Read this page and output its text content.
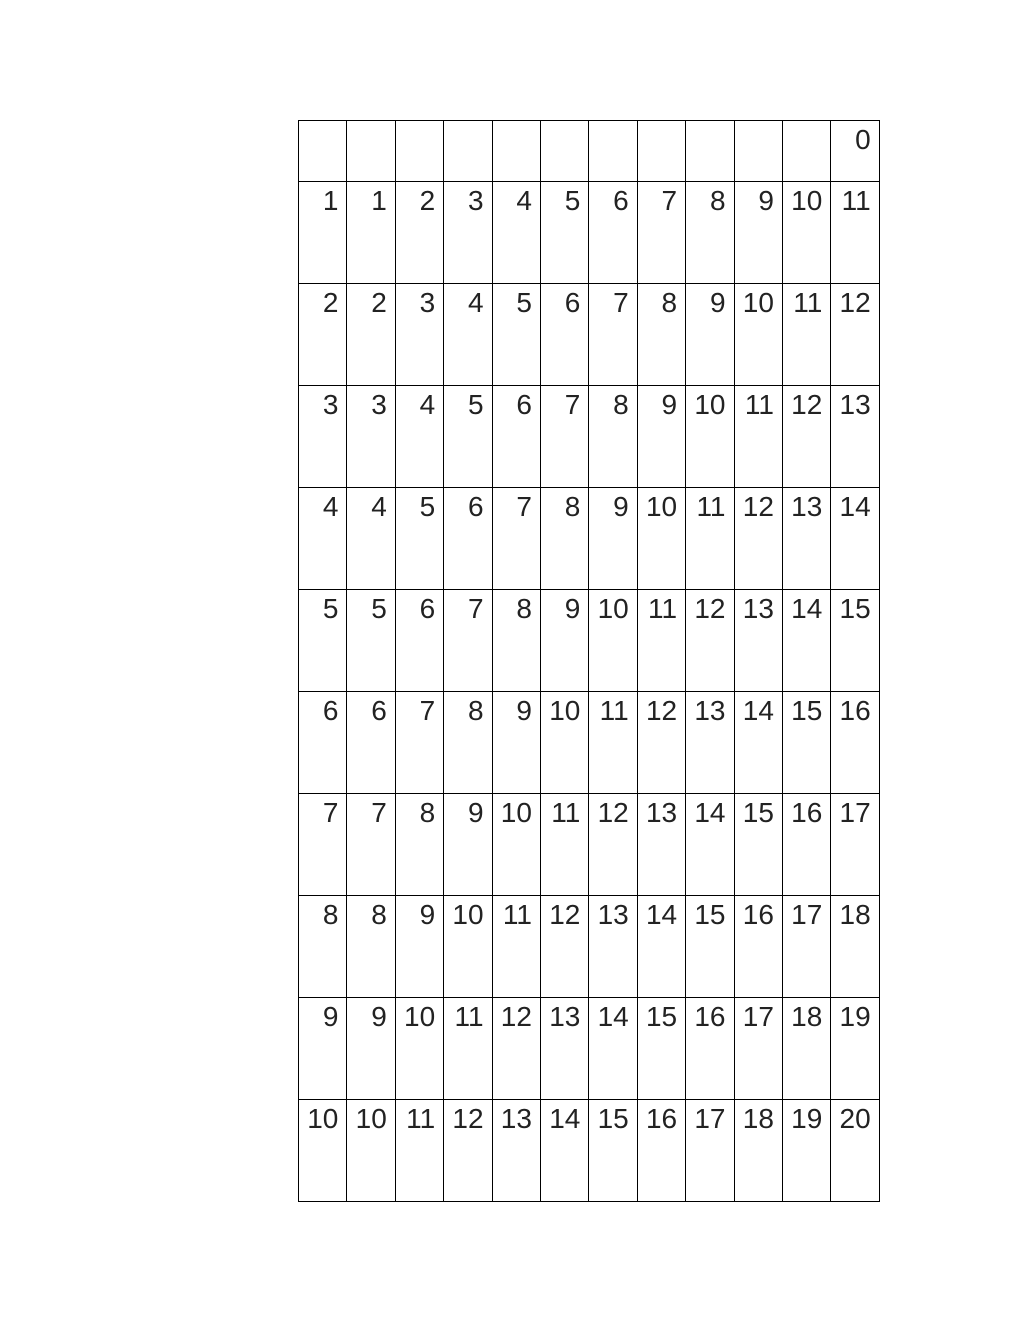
											0

1	1	2	3	4	5	6	7	8	9	10	11

2	2	3	4	5	6	7	8	9	10	11	12

3	3	4	5	6	7	8	9	10	11	12	13

4	4	5	6	7	8	9	10	11	12	13	14

5	5	6	7	8	9	10	11	12	13	14	15

6	6	7	8	9	10	11	12	13	14	15	16

7	7	8	9	10	11	12	13	14	15	16	17

8	8	9	10	11	12	13	14	15	16	17	18

9	9	10	11	12	13	14	15	16	17	18	19

10	10	11	12	13	14	15	16	17	18	19	20
